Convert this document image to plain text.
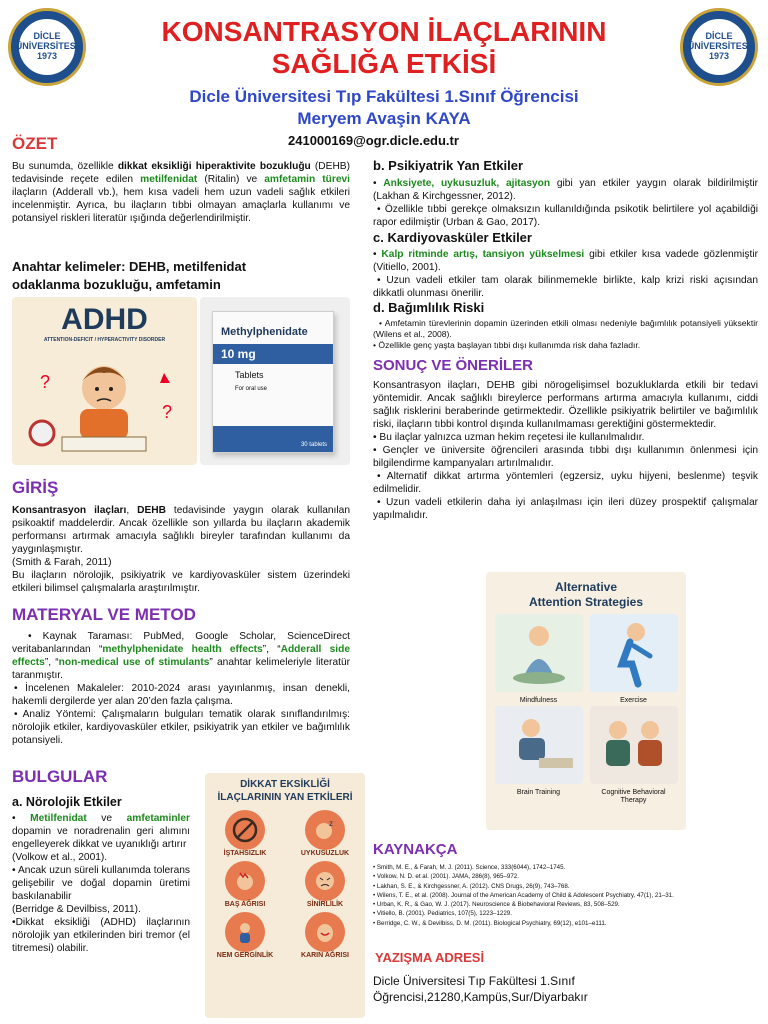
DİCLE ÜNİVERSİTESİ
1973
DİCLE ÜNİVERSİTESİ
1973
KONSANTRASYON İLAÇLARININ
SAĞLIĞA ETKİSİ
Dicle Üniversitesi Tıp Fakültesi 1.Sınıf Öğrencisi
Meryem Avaşin KAYA
241000169@ogr.dicle.edu.tr
ÖZET
Bu sunumda, özellikle dikkat eksikliği hiperaktivite bozukluğu (DEHB) tedavisinde reçete edilen metilfenidat (Ritalin) ve amfetamin türevi ilaçların (Adderall vb.), hem kısa vadeli hem uzun vadeli sağlık etkileri incelenmiştir. Ayrıca, bu ilaçların tıbbi olmayan amaçlarla kullanımı ve potansiyel riskleri literatür ışığında değerlendirilmiştir.
Anahtar kelimeler: DEHB, metilfenidat odaklanma bozukluğu, amfetamin
ADHD
ATTENTION-DEFICIT / HYPERACTIVITY DISORDER
?
?
Methylphenidate
10 mg
Tablets
For oral use
30 tablets
GİRİŞ
Konsantrasyon ilaçları, DEHB tedavisinde yaygın olarak kullanılan psikoaktif maddelerdir. Ancak özellikle son yıllarda bu ilaçların akademik performansı artırmak amacıyla sağlıklı bireyler tarafından kullanımı da yaygınlaşmıştır.
(Smith & Farah, 2011)
Bu ilaçların nörolojik, psikiyatrik ve kardiyovasküler sistem üzerindeki etkileri bilimsel çalışmalarla araştırılmıştır.
MATERYAL VE METOD
• Kaynak Taraması: PubMed, Google Scholar, ScienceDirect veritabanlarından “methylphenidate health effects”, “Adderall side effects”, “non-medical use of stimulants” anahtar kelimeleriyle literatür taranmıştır.
• İncelenen Makaleler: 2010-2024 arası yayınlanmış, insan denekli, hakemli dergilerde yer alan 20’den fazla çalışma.
• Analiz Yöntemi: Çalışmaların bulguları tematik olarak sınıflandırılmış: nörolojik etkiler, kardiyovasküler etkiler, psikiyatrik yan etkiler ve bağımlılık potansiyeli.
BULGULAR
a. Nörolojik Etkiler
• Metilfenidat ve amfetaminler dopamin ve noradrenalin geri alımını engelleyerek dikkat ve uyanıklığı artırır
(Volkow et al., 2001).
• Ancak uzun süreli kullanımda tolerans gelişebilir ve doğal dopamin üretimi baskılanabilir
(Berridge & Devilbiss, 2011).
•Dikkat eksikliği (ADHD) ilaçlarının nörolojik yan etkilerinden biri tremor (el titremesi) olabilir.
DİKKAT EKSİKLİĞİ
İLAÇLARININ YAN ETKİLERİ
İŞTAHSIZLIK
z
UYKUSUZLUK
BAŞ AĞRISI	SİNİRLİLİK
NEM GERGİNLİK	KARIN AĞRISI
b. Psikiyatrik Yan Etkiler
• Anksiyete, uykusuzluk, ajitasyon gibi yan etkiler yaygın olarak bildirilmiştir (Lakhan & Kirchgessner, 2012).
• Özellikle tıbbi gerekçe olmaksızın kullanıldığında psikotik belirtilere yol açabildiği rapor edilmiştir (Urban & Gao, 2017).
c. Kardiyovasküler Etkiler
• Kalp ritminde artış, tansiyon yükselmesi gibi etkiler kısa vadede gözlenmiştir (Vitiello, 2001).
• Uzun vadeli etkiler tam olarak bilinmemekle birlikte, kalp krizi riski açısından dikkatli olunması önerilir.
d. Bağımlılık Riski
• Amfetamin türevlerinin dopamin üzerinden etkili olması nedeniyle bağımlılık potansiyeli yüksektir (Wilens et al., 2008).
• Özellikle genç yaşta başlayan tıbbi dışı kullanımda risk daha fazladır.
SONUÇ VE ÖNERİLER
Konsantrasyon ilaçları, DEHB gibi nörogelişimsel bozukluklarda etkili bir tedavi yöntemidir. Ancak sağlıklı bireylerce performans artırma amacıyla kullanımı, ciddi sağlık risklerini beraberinde getirmektedir. Özellikle psikiyatrik belirtiler ve bağımlılık riski, ilaçların tıbbi kontrol dışında kullanılmaması gerektiğini göstermektedir.
• Bu ilaçlar yalnızca uzman hekim reçetesi ile kullanılmalıdır.
• Gençler ve üniversite öğrencileri arasında tıbbi dışı kullanımın önlenmesi için bilgilendirme kampanyaları artırılmalıdır.
• Alternatif dikkat artırma yöntemleri (egzersiz, uyku hijyeni, beslenme) teşvik edilmelidir.
• Uzun vadeli etkilerin daha iyi anlaşılması için ileri düzey prospektif çalışmalar yapılmalıdır.
Alternative
Attention Strategies
Mindfulness	Exercise
Brain Training	Cognitive Behavioral Therapy
KAYNAKÇA
• Smith, M. E., & Farah, M. J. (2011). Science, 333(6044), 1742–1745.
• Volkow, N. D. et al. (2001). JAMA, 286(8), 965–972.
• Lakhan, S. E., & Kirchgessner, A. (2012). CNS Drugs, 26(9), 743–768.
• Wilens, T. E., et al. (2008). Journal of the American Academy of Child & Adolescent Psychiatry, 47(1), 21–31.
• Urban, K. R., & Gao, W. J. (2017). Neuroscience & Biobehavioral Reviews, 83, 508–529.
• Vitiello, B. (2001). Pediatrics, 107(5), 1223–1229.
• Berridge, C. W., & Devilbiss, D. M. (2011). Biological Psychiatry, 69(12), e101–e111.
YAZIŞMA ADRESİ
Dicle Üniversitesi Tıp Fakültesi 1.Sınıf Öğrencisi,21280,Kampüs,Sur/Diyarbakır
